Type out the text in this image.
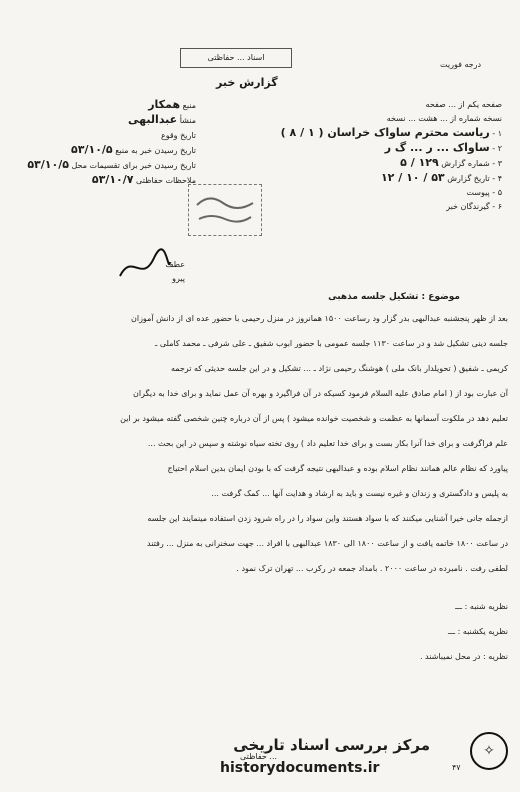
اسناد ... حفاظتی
درجه فوریت
گزارش خبر
منبع همکار
منشأ عبدالبهی
تاریخ وقوع
تاریخ رسیدن خبر به منبع ۵۳/۱۰/۵
تاریخ رسیدن خبر برای تقسیمات محل ۵۳/۱۰/۵
ملاحظات حفاظتی ۵۳/۱۰/۷
صفحه یکم از ... صفحه
نسخه شماره از ... هشت ... نسخه
۱ - ریاست محترم ساواک خراسان ( ۱ / ۸ )
۲ - ساواک ... ر ... گ ر
۳ - شماره گزارش ۱۲۹ / ۵
۴ - تاریخ گزارش ۵۳ / ۱۰ / ۱۲
۵ - پیوست
۶ - گیرندگان خبر
عطف
پیرو
موضوع : تشکیل جلسه مذهبی
بعد از ظهر پنجشنبه عبدالبهی بدر گزار ود رساعت ۱۵۰۰ همانروز در منزل رحیمی با حضور عده ای از دانش آموزان
جلسه دینی تشکیل شد و در ساعت ۱۱۳۰ جلسه عمومی با حضور ابوب شفیق ـ علی شرفی ـ محمد کاملی ـ
کریمی ـ شفیق ( تحویلدار بانک ملی ) هوشنگ رحیمی نژاد ـ ... تشکیل و در این جلسه حدیثی که ترجمه
آن عبارت بود از ( امام صادق علیه السلام فرمود کسیکه در آن فراگیرد و بهره آن عمل نماید و برای خدا به دیگران
تعلیم دهد در ملکوت آسمانها به عظمت و شخصیت خوانده میشود ) پس از آن درباره چنین شخصی گفته میشود بر این
علم فراگرفت و برای خدا آنرا بکار بست و برای خدا تعلیم داد ) روی تخته سیاه نوشته و سپس در این بحث ...
پیاورد که نظام عالم همانند نظام اسلام بوده و عبدالبهی نتیجه گرفت که با بودن ایمان بدین اسلام احتیاج
به پلیس و دادگستری و زندان و غیره نیست و باید به ارشاد و هدایت آنها ... کمک گرفت ...
ازجمله جانی خیرا آشنایی میکنند که با سواد هستند واین سواد را در راه شرود زدن استفاده مینمایند این جلسه
در ساعت ۱۸۰۰ خاتمه یافت و از ساعت ۱۸۰۰ الی ۱۸۳۰ عبدالبهی با افراد ... جهت سخنرانی به منزل ... رفتند
لطفی رفت . نامبرده در ساعت ۲۰۰۰ . بامداد جمعه در رکرب ... تهران ترک نمود .
نظریه شنبه : ـــ
نظریه یکشنبه : ـــ
نظریه : در محل نمیباشند .
✧
مرکز بررسی اسناد تاریخی
historydocuments.ir	۴۷
... حفاظتی
